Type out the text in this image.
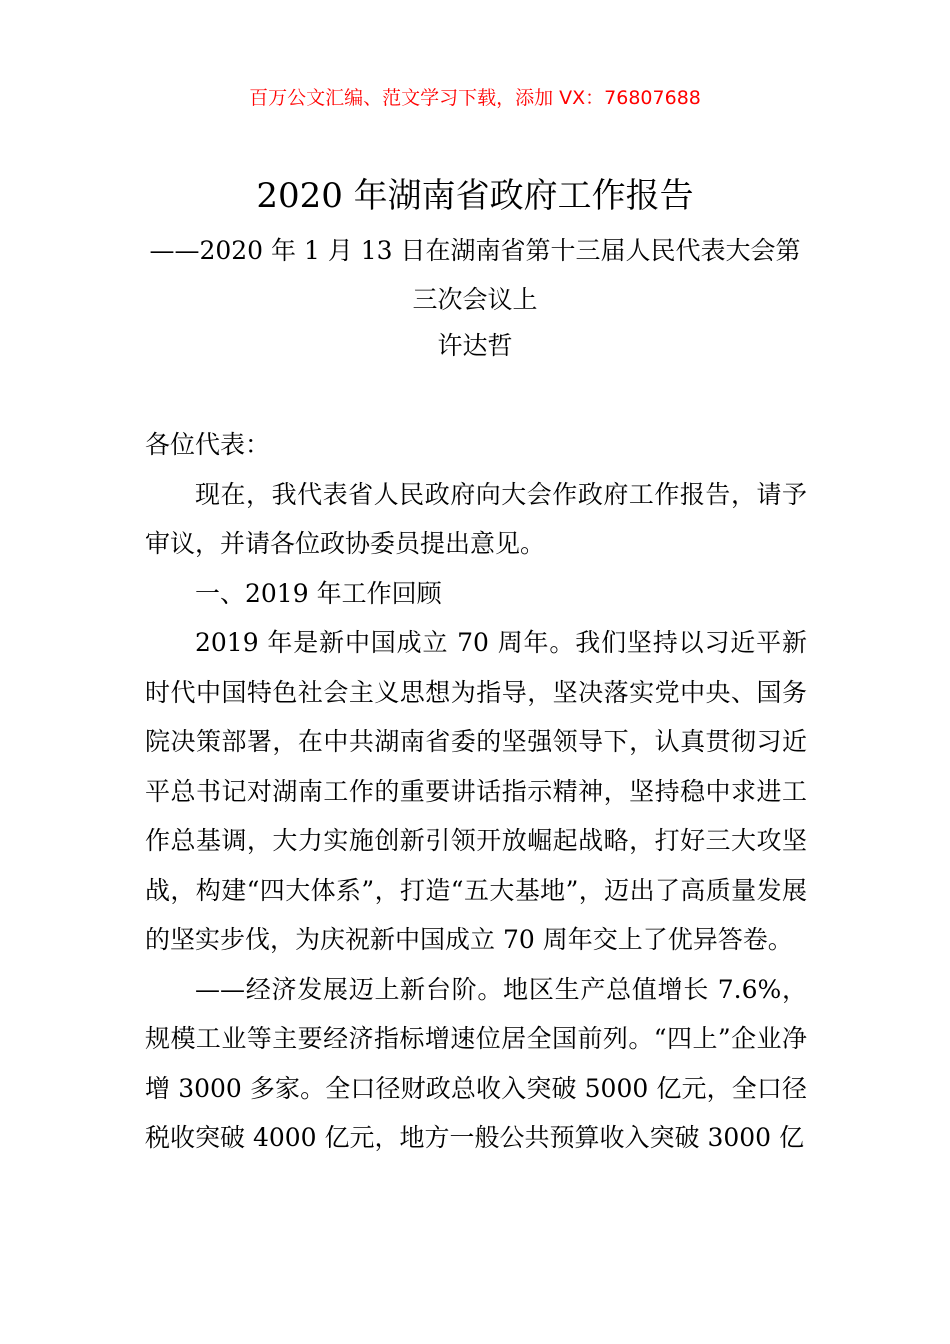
百万公文汇编、范文学习下载，添加 VX：76807688
2020 年湖南省政府工作报告
——2020 年 1 月 13 日在湖南省第十三届人民代表大会第三次会议上
许达哲

各位代表：

现在，我代表省人民政府向大会作政府工作报告，请予审议，并请各位政协委员提出意见。

一、2019 年工作回顾

2019 年是新中国成立 70 周年。我们坚持以习近平新时代中国特色社会主义思想为指导，坚决落实党中央、国务院决策部署，在中共湖南省委的坚强领导下，认真贯彻习近平总书记对湖南工作的重要讲话指示精神，坚持稳中求进工作总基调，大力实施创新引领开放崛起战略，打好三大攻坚战，构建“四大体系”，打造“五大基地”，迈出了高质量发展的坚实步伐，为庆祝新中国成立 70 周年交上了优异答卷。

——经济发展迈上新台阶。地区生产总值增长 7.6%，规模工业等主要经济指标增速位居全国前列。“四上”企业净增 3000 多家。全口径财政总收入突破 5000 亿元，全口径税收突破 4000 亿元，地方一般公共预算收入突破 3000 亿
